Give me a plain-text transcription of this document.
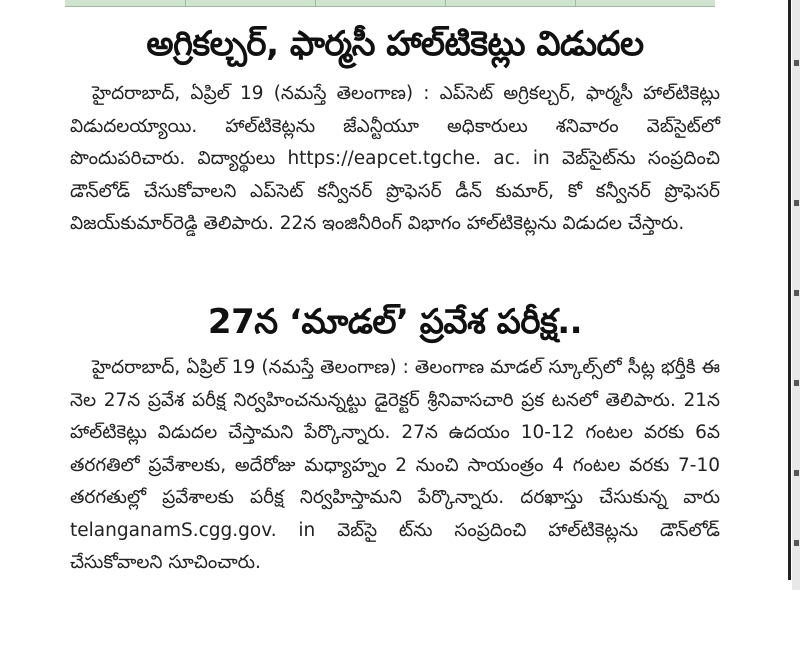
అగ్రికల్చర్, ఫార్మసీ హాల్‌టికెట్లు విడుదల

హైదరాబాద్, ఏప్రిల్ 19 (నమస్తే తెలంగాణ) : ఎప్‌సెట్ అగ్రికల్చర్, ఫార్మసీ హాల్‌టికెట్లు విడుదలయ్యాయి. హాల్‌టికెట్లను జేఎన్టీయూ అధికారులు శనివారం వెబ్‌సైట్‌లో పొందుపరిచారు. విద్యార్థులు https://eapcet.tgche. ac. in వెబ్‌సైట్‌ను సంప్రదించి డౌన్‌లోడ్ చేసుకోవాలని ఎప్‌సెట్ కన్వీనర్ ప్రొఫెసర్ డీన్ కుమార్, కో కన్వీనర్ ప్రొఫెసర్ విజయ్‌కుమార్‌రెడ్డి తెలిపారు. 22న ఇంజినీరింగ్ విభాగం హాల్‌టికెట్లను విడుదల చేస్తారు.

27న ‘మాడల్’ ప్రవేశ పరీక్ష..

హైదరాబాద్, ఏప్రిల్ 19 (నమస్తే తెలంగాణ) : తెలంగాణ మాడల్ స్కూల్స్‌లో సీట్ల భర్తీకి ఈ నెల 27న ప్రవేశ పరీక్ష నిర్వహించనున్నట్టు డైరెక్టర్ శ్రీనివాసచారి ప్రక టనలో తెలిపారు. 21న హాల్‌టికెట్లు విడుదల చేస్తామని పేర్కొన్నారు. 27న ఉదయం 10-12 గంటల వరకు 6వ తరగతిలో ప్రవేశాలకు, అదేరోజు మధ్యాహ్నం 2 నుంచి సాయంత్రం 4 గంటల వరకు 7-10 తరగతుల్లో ప్రవేశాలకు పరీక్ష నిర్వహిస్తామని పేర్కొన్నారు. దరఖాస్తు చేసుకున్న వారు telanganamS.cgg.gov. in వెబ్‌సై ట్‌ను సంప్రదించి హాల్‌టికెట్లను డౌన్‌లోడ్ చేసుకోవాలని సూచించారు.
